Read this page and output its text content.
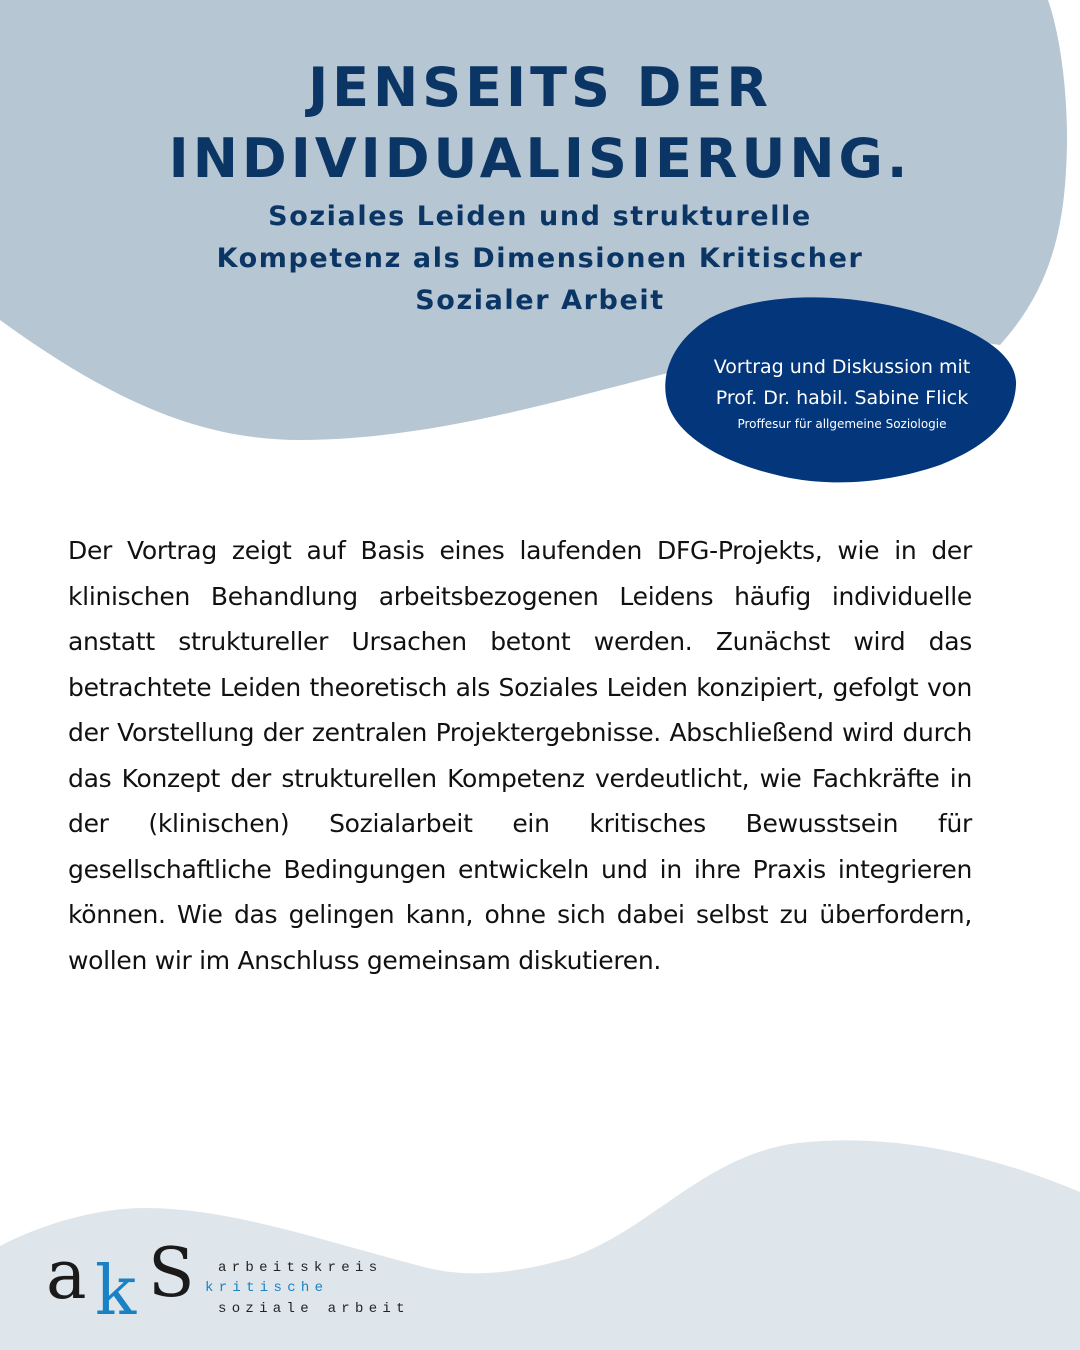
JENSEITS DER
INDIVIDUALISIERUNG.
Soziales Leiden und strukturelle
Kompetenz als Dimensionen Kritischer
Sozialer Arbeit
Vortrag und Diskussion mit
Prof. Dr. habil. Sabine Flick
Proffesur für allgemeine Soziologie

Der Vortrag zeigt auf Basis eines laufenden DFG-Projekts, wie in der klinischen Behandlung arbeitsbezogenen Leidens häufig individuelle anstatt struktureller Ursachen betont werden. Zunächst wird das betrachtete Leiden theoretisch als Soziales Leiden konzipiert, gefolgt von der Vorstellung der zentralen Projektergebnisse. Abschließend wird durch das Konzept der strukturellen Kompetenz verdeutlicht, wie Fachkräfte in der (klinischen) Sozialarbeit ein kritisches Bewusstsein für gesellschaftliche Bedingungen entwickeln und in ihre Praxis integrieren können. Wie das gelingen kann, ohne sich dabei selbst zu überfordern, wollen wir im Anschluss gemeinsam diskutieren.

a k S arbeitskreis
kritische
soziale arbeit
